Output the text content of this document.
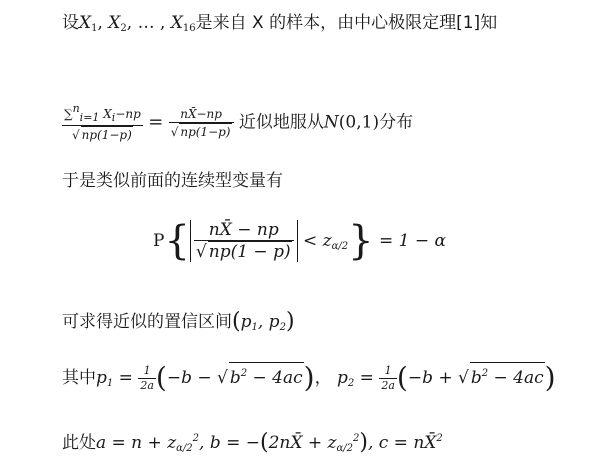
设$X_1$, $X_2$, … , $X_{16}$是来自 X 的样本，由中心极限定理[1]知
$\frac{\sum ni=1 Xi-np}{√ np(1-p)} = \frac{nX̄-np}{√ np(1-p)}$ 近似地服从N(0,1)分布
于是类似前面的连续型变量有
$P\{ \frac{nX̄ - np}{√ np(1 - p)} < z_{\alpha/2}\} = 1 - \alpha$
可求得近似的置信区间($p_1$, $p_2$)
其中$p_1 = \frac{1}{2a} (-b$ − √ $b^2 - 4ac$)， $p_2 = \frac{1}{2a} (-b$ + √ $b^2 - 4ac$)
此处$a = n + z_{\alpha/2}^2$, b = −(2nX̄ + $z_{\alpha/2}^2$), c = nX̄$^2$
